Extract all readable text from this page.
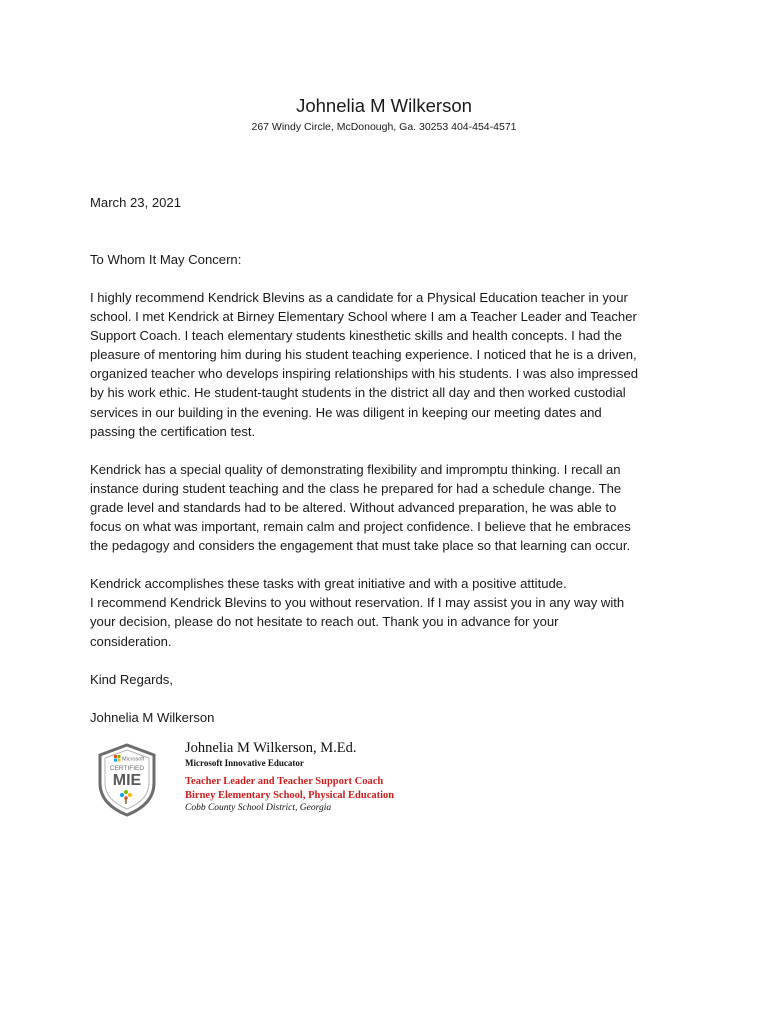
Johnelia M Wilkerson
267 Windy Circle, McDonough, Ga. 30253 404-454-4571
March 23, 2021
To Whom It May Concern:
I highly recommend Kendrick Blevins as a candidate for a Physical Education teacher in your
school. I met Kendrick at Birney Elementary School where I am a Teacher Leader and Teacher
Support Coach. I teach elementary students kinesthetic skills and health concepts. I had the
pleasure of mentoring him during his student teaching experience. I noticed that he is a driven,
organized teacher who develops inspiring relationships with his students. I was also impressed
by his work ethic. He student-taught students in the district all day and then worked custodial
services in our building in the evening. He was diligent in keeping our meeting dates and
passing the certification test.
Kendrick has a special quality of demonstrating flexibility and impromptu thinking. I recall an
instance during student teaching and the class he prepared for had a schedule change. The
grade level and standards had to be altered. Without advanced preparation, he was able to
focus on what was important, remain calm and project confidence. I believe that he embraces
the pedagogy and considers the engagement that must take place so that learning can occur.
Kendrick accomplishes these tasks with great initiative and with a positive attitude.
I recommend Kendrick Blevins to you without reservation. If I may assist you in any way with
your decision, please do not hesitate to reach out. Thank you in advance for your
consideration.
Kind Regards,
Johnelia M Wilkerson
Microsoft
CERTIFIED
MIE
Johnelia M Wilkerson, M.Ed.
Microsoft Innovative Educator
Teacher Leader and Teacher Support Coach
Birney Elementary School, Physical Education
Cobb County School District, Georgia
